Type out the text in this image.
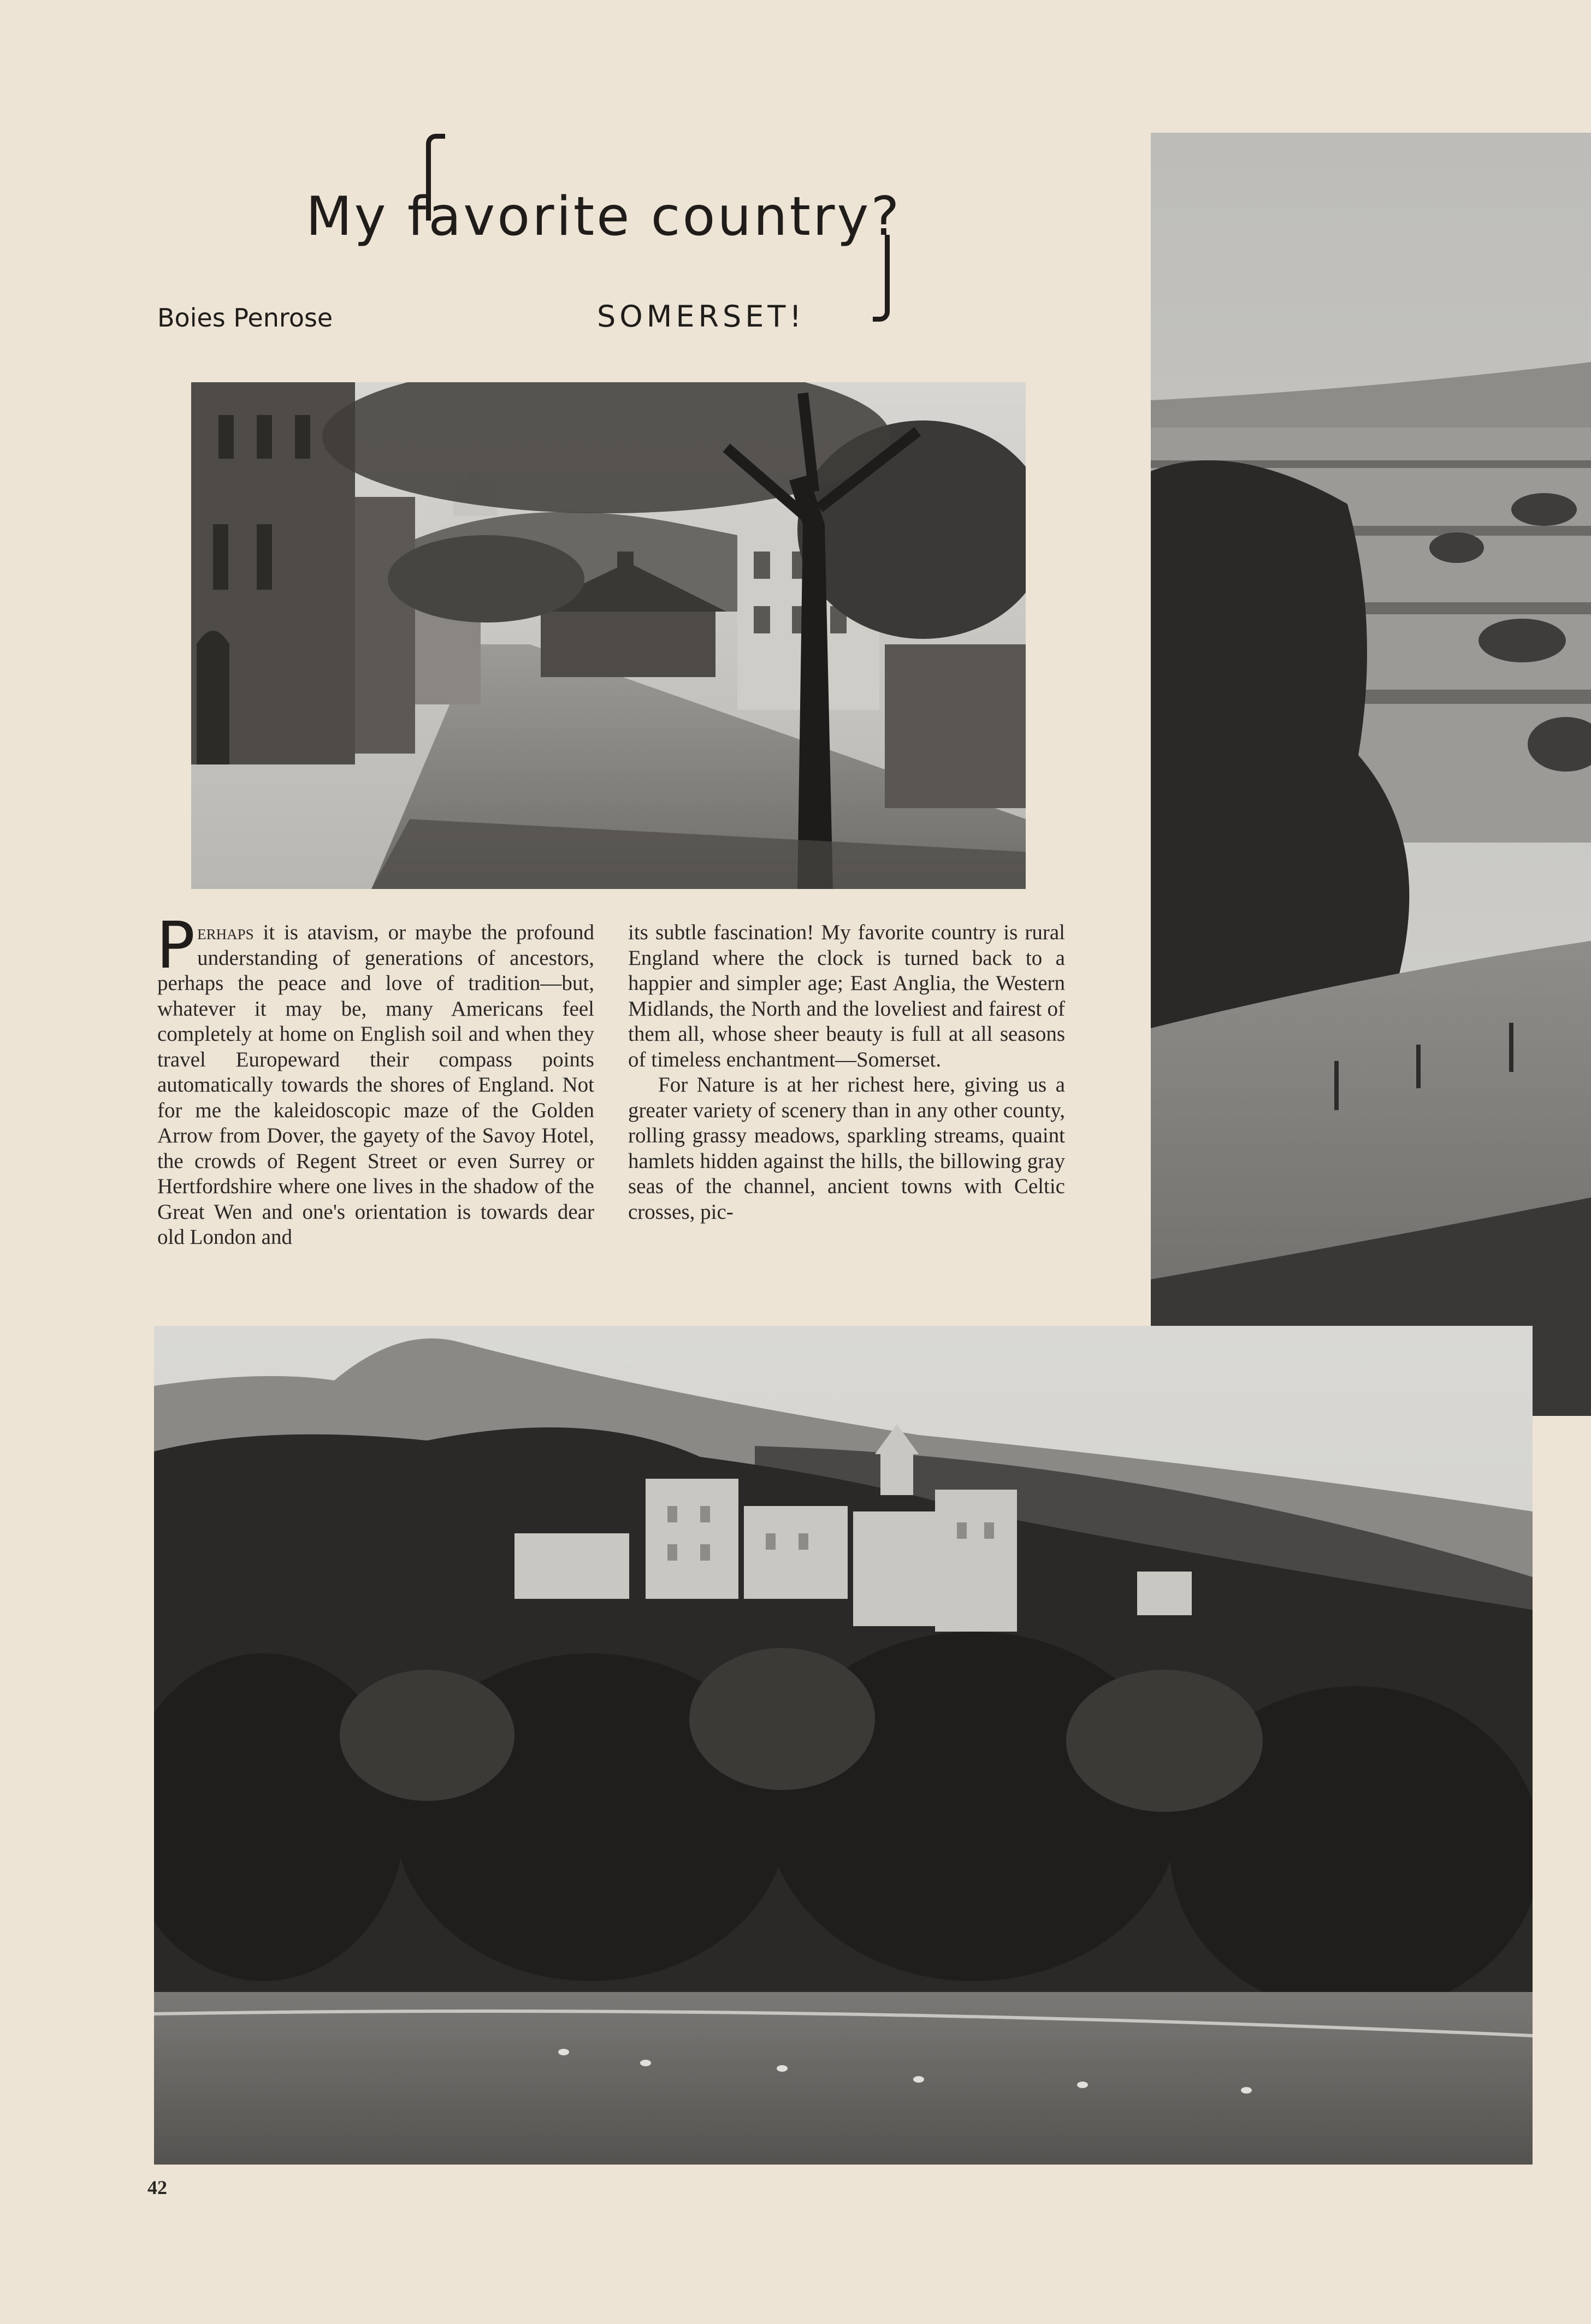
My favorite country?
Boies Penrose	SOMERSET!

Perhaps it is atavism, or maybe the profound understanding of generations of ancestors, perhaps the peace and love of tradition—but, whatever it may be, many Americans feel completely at home on English soil and when they travel Europeward their compass points automatically towards the shores of England. Not for me the kaleidoscopic maze of the Golden Arrow from Dover, the gayety of the Savoy Hotel, the crowds of Regent Street or even Surrey or Hertfordshire where one lives in the shadow of the Great Wen and one's orientation is towards dear old London and

its subtle fascination! My favorite country is rural England where the clock is turned back to a happier and simpler age; East Anglia, the Western Midlands, the North and the loveliest and fairest of them all, whose sheer beauty is full at all seasons of timeless enchantment—Somerset.

For Nature is at her richest here, giving us a greater variety of scenery than in any other county, rolling grassy meadows, sparkling streams, quaint hamlets hidden against the hills, the billowing gray seas of the channel, ancient towns with Celtic crosses, pic-

42
